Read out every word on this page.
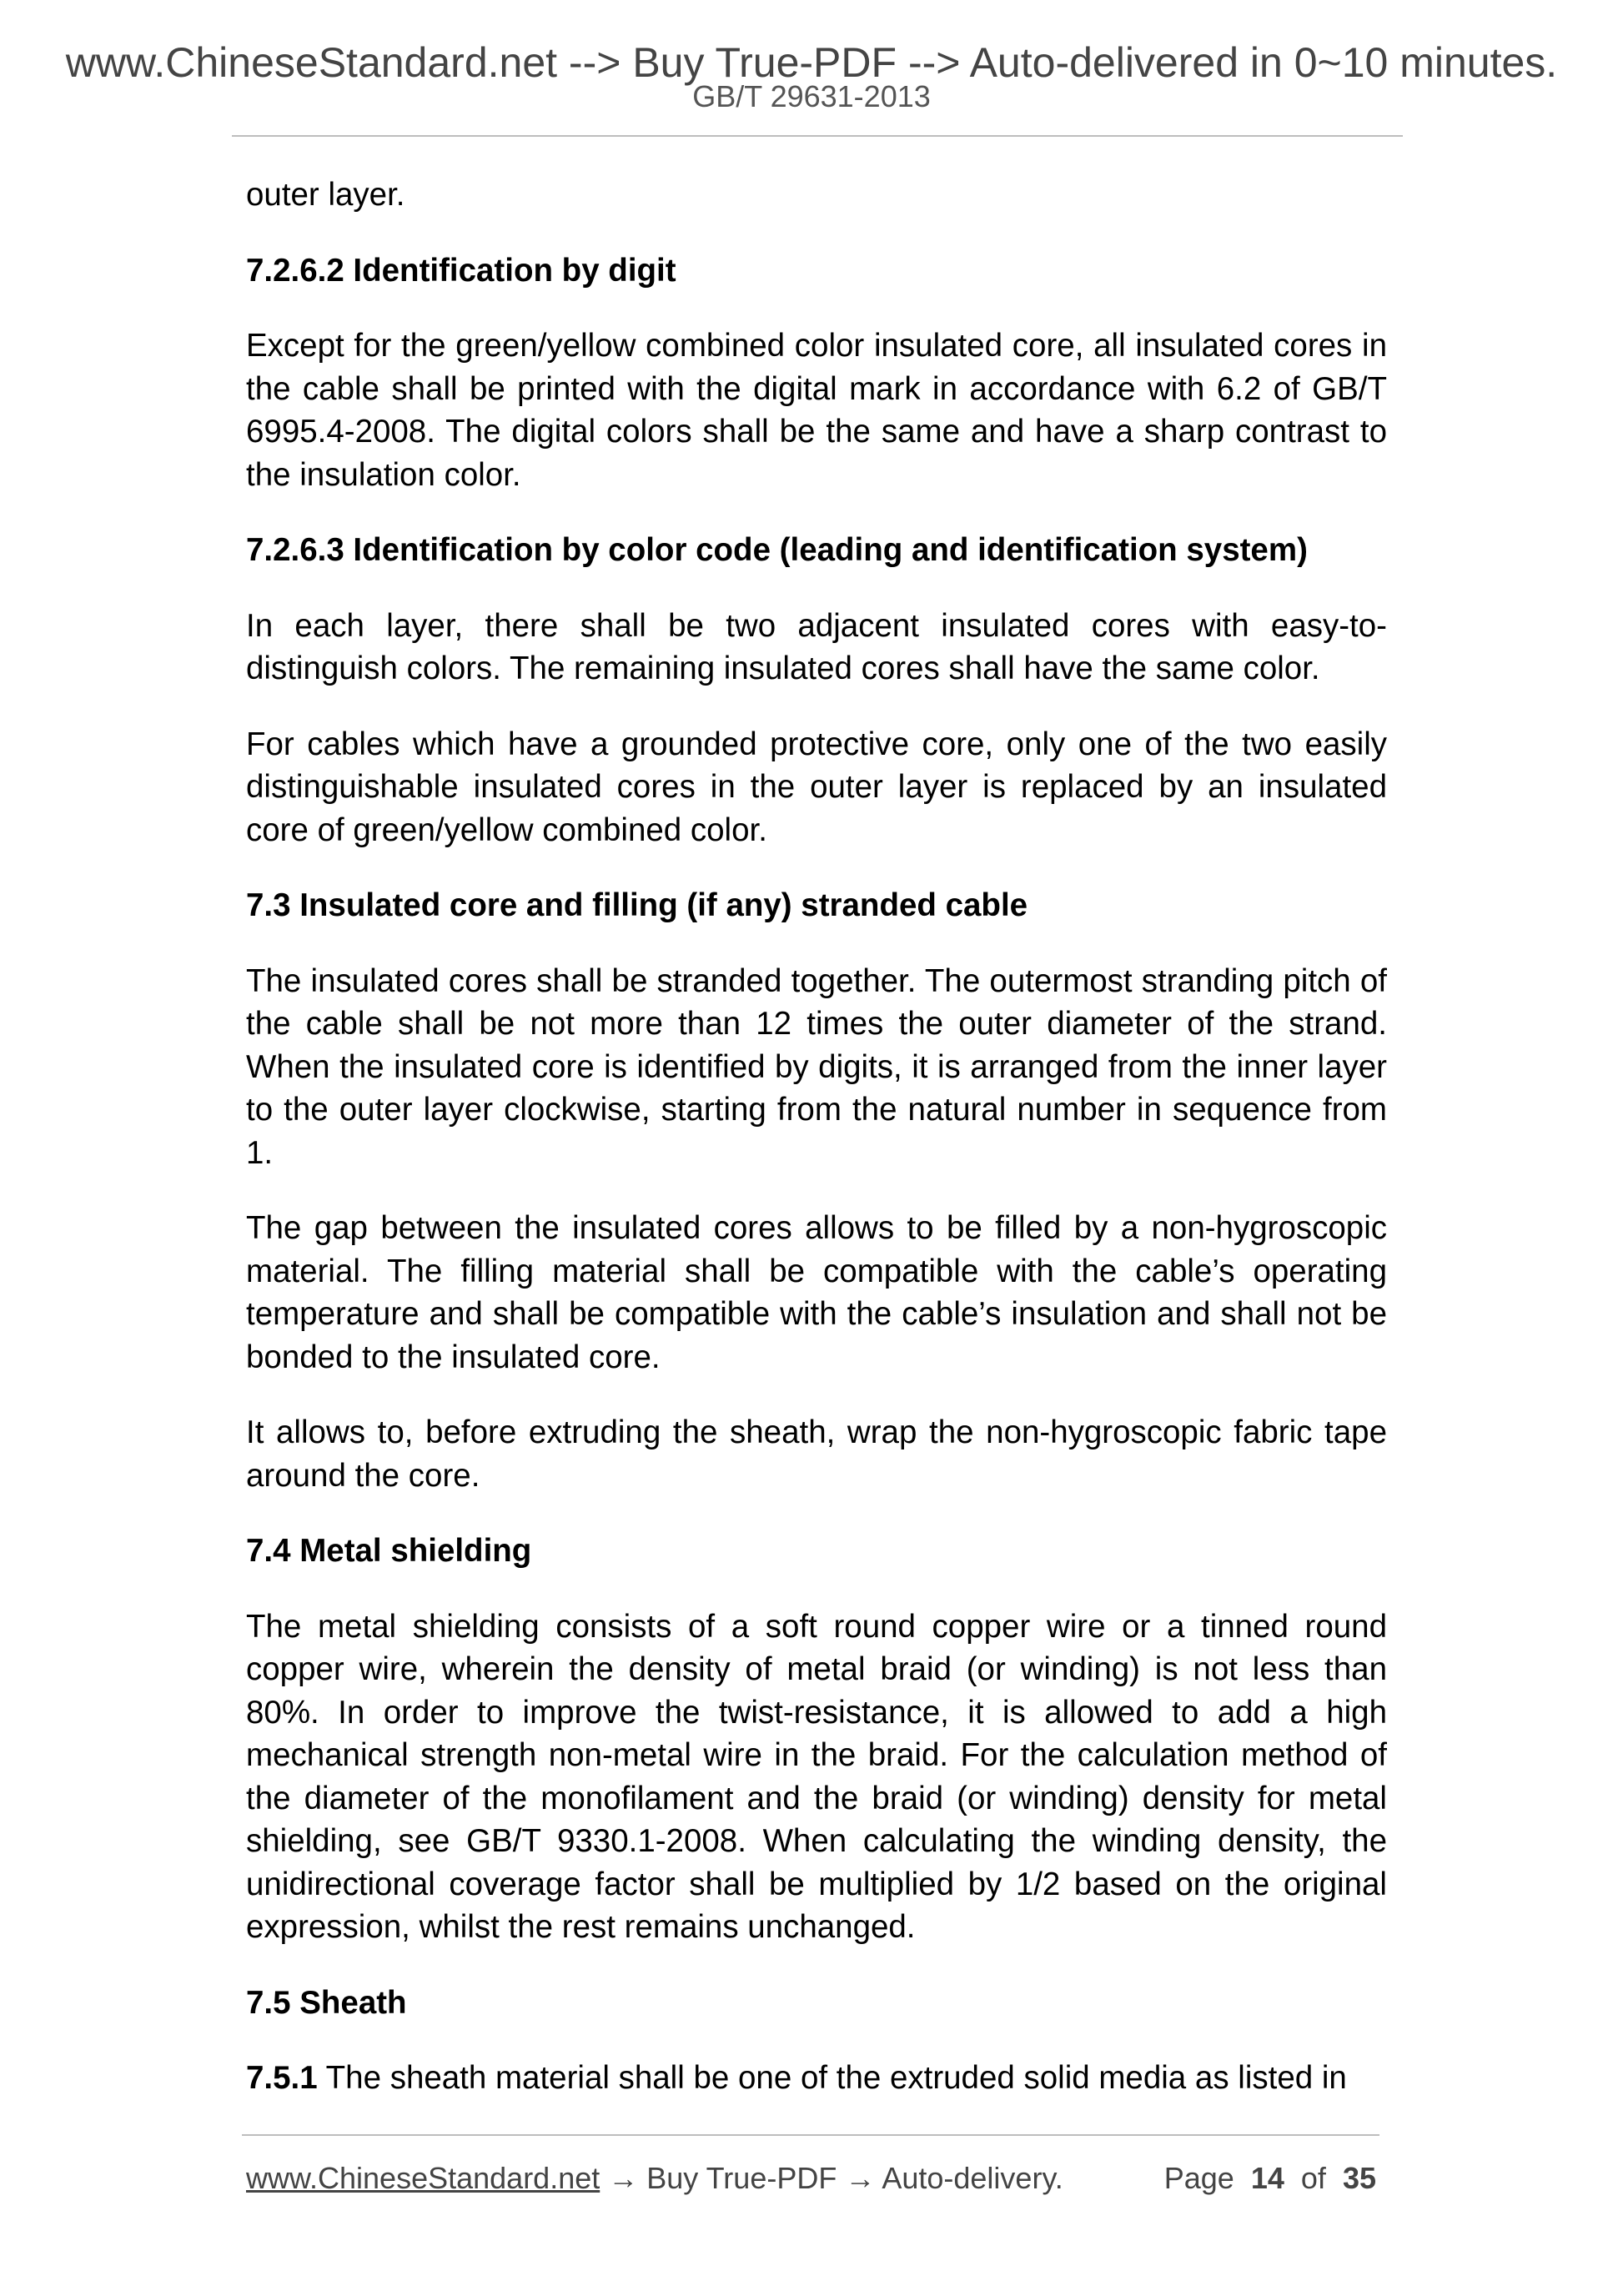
www.ChineseStandard.net --> Buy True-PDF --> Auto-delivered in 0~10 minutes.
GB/T 29631-2013

outer layer.

7.2.6.2 Identification by digit

Except for the green/yellow combined color insulated core, all insulated cores in the cable shall be printed with the digital mark in accordance with 6.2 of GB/T 6995.4-2008. The digital colors shall be the same and have a sharp contrast to the insulation color.

7.2.6.3 Identification by color code (leading and identification system)

In each layer, there shall be two adjacent insulated cores with easy-to-distinguish colors. The remaining insulated cores shall have the same color.

For cables which have a grounded protective core, only one of the two easily distinguishable insulated cores in the outer layer is replaced by an insulated core of green/yellow combined color.

7.3 Insulated core and filling (if any) stranded cable

The insulated cores shall be stranded together. The outermost stranding pitch of the cable shall be not more than 12 times the outer diameter of the strand. When the insulated core is identified by digits, it is arranged from the inner layer to the outer layer clockwise, starting from the natural number in sequence from 1.

The gap between the insulated cores allows to be filled by a non-hygroscopic material. The filling material shall be compatible with the cable’s operating temperature and shall be compatible with the cable’s insulation and shall not be bonded to the insulated core.

It allows to, before extruding the sheath, wrap the non-hygroscopic fabric tape around the core.

7.4 Metal shielding

The metal shielding consists of a soft round copper wire or a tinned round copper wire, wherein the density of metal braid (or winding) is not less than 80%. In order to improve the twist-resistance, it is allowed to add a high mechanical strength non-metal wire in the braid. For the calculation method of the diameter of the monofilament and the braid (or winding) density for metal shielding, see GB/T 9330.1-2008. When calculating the winding density, the unidirectional coverage factor shall be multiplied by 1/2 based on the original expression, whilst the rest remains unchanged.

7.5 Sheath

7.5.1 The sheath material shall be one of the extruded solid media as listed in

www.ChineseStandard.net → Buy True-PDF → Auto-delivery.	Page 14 of 35
